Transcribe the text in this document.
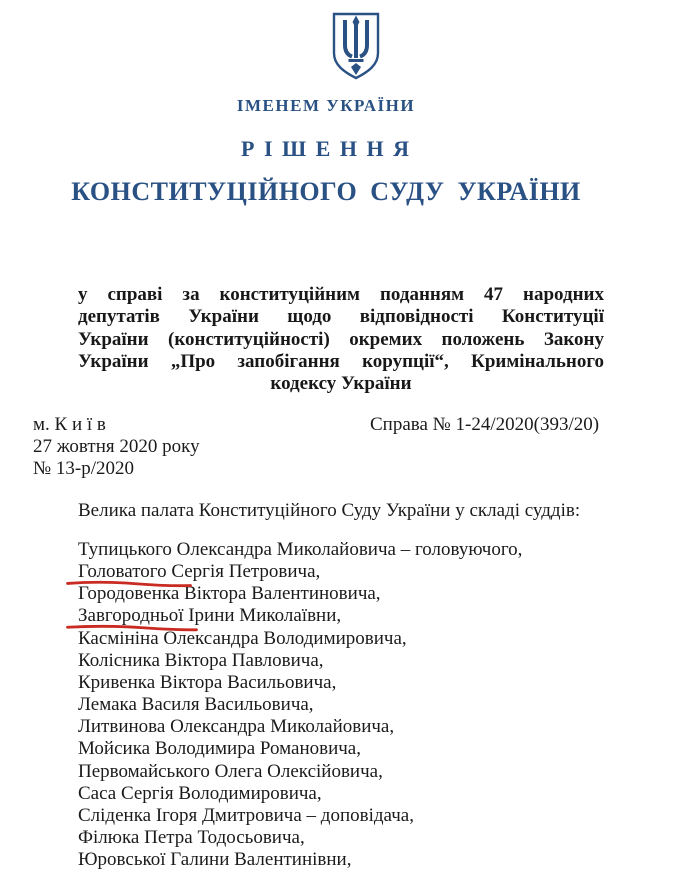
ІМЕНЕМ УКРАЇНИ
Р І Ш Е Н Н Я
КОНСТИТУЦІЙНОГО СУДУ УКРАЇНИ
у справі за конституційним поданням 47 народних
депутатів України щодо відповідності Конституції
України (конституційності) окремих положень Закону
України „Про запобігання корупції“, Кримінального
кодексу України
м. К и ї в
27 жовтня 2020 року
№ 13-р/2020
Справа № 1-24/2020(393/20)
Велика палата Конституційного Суду України у складі суддів:
Тупицького Олександра Миколайовича – головуючого,
Головатого Сергія Петровича,
Городовенка Віктора Валентиновича,
Завгородньої Ірини Миколаївни,
Касмініна Олександра Володимировича,
Колісника Віктора Павловича,
Кривенка Віктора Васильовича,
Лемака Василя Васильовича,
Литвинова Олександра Миколайовича,
Мойсика Володимира Романовича,
Первомайського Олега Олексійовича,
Саса Сергія Володимировича,
Сліденка Ігоря Дмитровича – доповідача,
Філюка Петра Тодосьовича,
Юровської Галини Валентинівни,
